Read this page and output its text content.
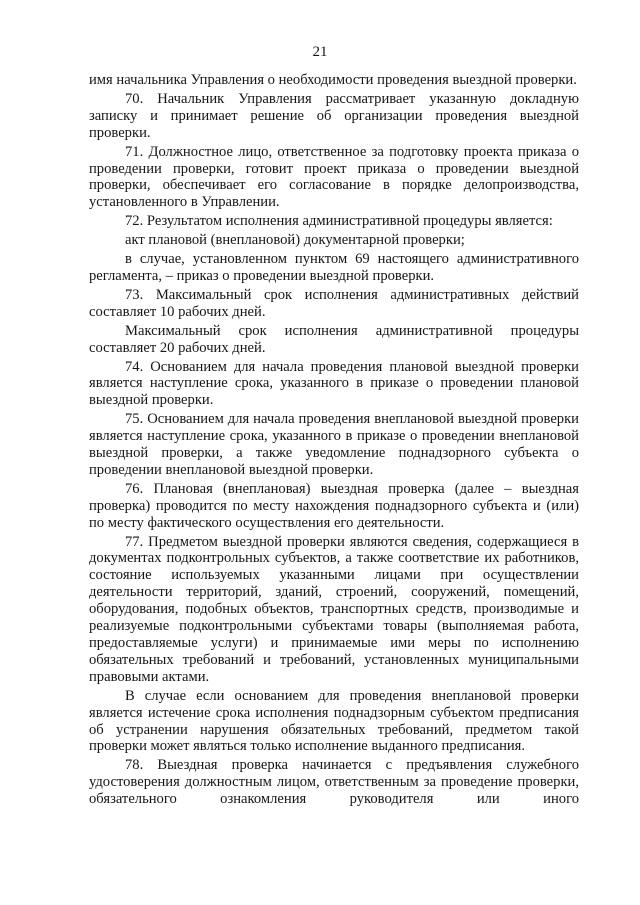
21

имя начальника Управления о необходимости проведения выездной проверки.

70. Начальник Управления рассматривает указанную докладную записку и принимает решение об организации проведения выездной проверки.

71. Должностное лицо, ответственное за подготовку проекта приказа о проведении проверки, готовит проект приказа о проведении выездной проверки, обеспечивает его согласование в порядке делопроизводства, установленного в Управлении.

72. Результатом исполнения административной процедуры является:

акт плановой (внеплановой) документарной проверки;

в случае, установленном пунктом 69 настоящего административного регламента, – приказ о проведении выездной проверки.

73. Максимальный срок исполнения административных действий составляет 10 рабочих дней.

Максимальный срок исполнения административной процедуры составляет 20 рабочих дней.

74. Основанием для начала проведения плановой выездной проверки является наступление срока, указанного в приказе о проведении плановой выездной проверки.

75. Основанием для начала проведения внеплановой выездной проверки является наступление срока, указанного в приказе о проведении внеплановой выездной проверки, а также уведомление поднадзорного субъекта о проведении внеплановой выездной проверки.

76. Плановая (внеплановая) выездная проверка (далее – выездная проверка) проводится по месту нахождения поднадзорного субъекта и (или) по месту фактического осуществления его деятельности.

77. Предметом выездной проверки являются сведения, содержащиеся в документах подконтрольных субъектов, а также соответствие их работников, состояние используемых указанными лицами при осуществлении деятельности территорий, зданий, строений, сооружений, помещений, оборудования, подобных объектов, транспортных средств, производимые и реализуемые подконтрольными субъектами товары (выполняемая работа, предоставляемые услуги) и принимаемые ими меры по исполнению обязательных требований и требований, установленных муниципальными правовыми актами.

В случае если основанием для проведения внеплановой проверки является истечение срока исполнения поднадзорным субъектом предписания об устранении нарушения обязательных требований, предметом такой проверки может являться только исполнение выданного предписания.

78. Выездная проверка начинается с предъявления служебного удостоверения должностным лицом, ответственным за проведение проверки, обязательного ознакомления руководителя или иного
